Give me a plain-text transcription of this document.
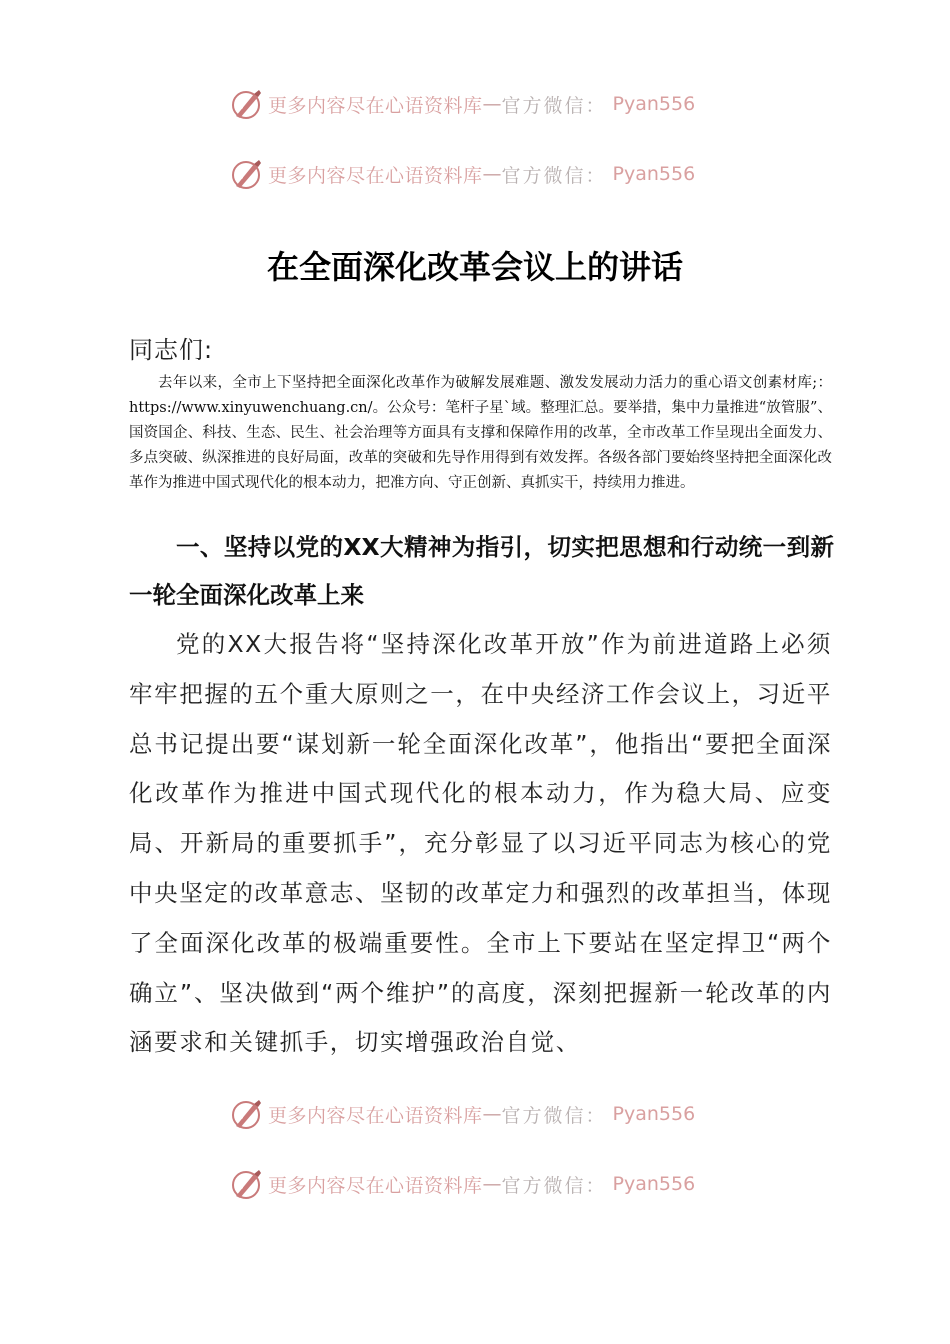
更多内容尽在心语资料库 — 官方微信： Pyan556
更多内容尽在心语资料库 — 官方微信： Pyan556
在全面深化改革会议上的讲话
同志们:

去年以来，全市上下坚持把全面深化改革作为破解发展难题、激发发展动力活力的重心语文创素材库;：https://www.xinyuwenchuang.cn/。公众号：笔杆子星`域。整理汇总。要举措，集中力量推进“放管服”、国资国企、科技、生态、民生、社会治理等方面具有支撑和保障作用的改革，全市改革工作呈现出全面发力、多点突破、纵深推进的良好局面，改革的突破和先导作用得到有效发挥。各级各部门要始终坚持把全面深化改革作为推进中国式现代化的根本动力，把准方向、守正创新、真抓实干，持续用力推进。

一、坚持以党的XX大精神为指引，切实把思想和行动统一到新一轮全面深化改革上来

党的XX大报告将“坚持深化改革开放”作为前进道路上必须牢牢把握的五个重大原则之一，在中央经济工作会议上，习近平总书记提出要“谋划新一轮全面深化改革”，他指出“要把全面深化改革作为推进中国式现代化的根本动力，作为稳大局、应变局、开新局的重要抓手”，充分彰显了以习近平同志为核心的党中央坚定的改革意志、坚韧的改革定力和强烈的改革担当，体现了全面深化改革的极端重要性。全市上下要站在坚定捍卫“两个确立”、坚决做到“两个维护”的高度，深刻把握新一轮改革的内涵要求和关键抓手，切实增强政治自觉、

更多内容尽在心语资料库 — 官方微信： Pyan556
更多内容尽在心语资料库 — 官方微信： Pyan556
